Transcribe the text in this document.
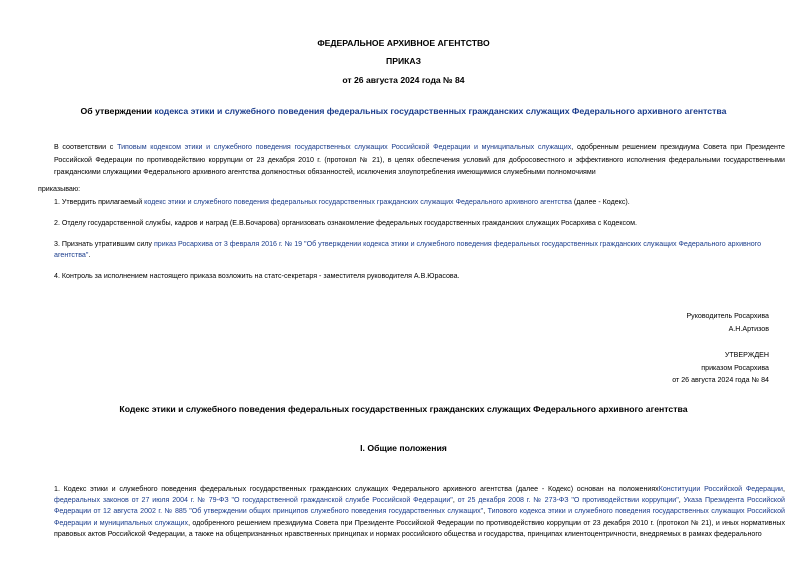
ФЕДЕРАЛЬНОЕ АРХИВНОЕ АГЕНТСТВО
ПРИКАЗ
от 26 августа 2024 года № 84
Об утверждении кодекса этики и служебного поведения федеральных государственных гражданских служащих Федерального архивного агентства
В соответствии с Типовым кодексом этики и служебного поведения государственных служащих Российской Федерации и муниципальных служащих, одобренным решением президиума Совета при Президенте Российской Федерации по противодействию коррупции от 23 декабря 2010 г. (протокол № 21), в целях обеспечения условий для добросовестного и эффективного исполнения федеральными государственными гражданскими служащими Федерального архивного агентства должностных обязанностей, исключения злоупотребления имеющимися служебными полномочиями
приказываю:
1. Утвердить прилагаемый кодекс этики и служебного поведения федеральных государственных гражданских служащих Федерального архивного агентства (далее - Кодекс).
2. Отделу государственной службы, кадров и наград (Е.В.Бочарова) организовать ознакомление федеральных государственных гражданских служащих Росархива с Кодексом.
3. Признать утратившим силу приказ Росархива от 3 февраля 2016 г. № 19 "Об утверждении кодекса этики и служебного поведения федеральных государственных гражданских служащих Федерального архивного агентства".
4. Контроль за исполнением настоящего приказа возложить на статс-секретаря - заместителя руководителя А.В.Юрасова.
Руководитель Росархива
А.Н.Артизов
УТВЕРЖДЕН
приказом Росархива
от 26 августа 2024 года № 84
Кодекс этики и служебного поведения федеральных государственных гражданских служащих Федерального архивного агентства
I. Общие положения
1. Кодекс этики и служебного поведения федеральных государственных гражданских служащих Федерального архивного агентства (далее - Кодекс) основан на положенияхКонституции Российской Федерации, федеральных законов от 27 июля 2004 г. № 79-ФЗ "О государственной гражданской службе Российской Федерации", от 25 декабря 2008 г. № 273-ФЗ "О противодействии коррупции", Указа Президента Российской Федерации от 12 августа 2002 г. № 885 "Об утверждении общих принципов служебного поведения государственных служащих", Типового кодекса этики и служебного поведения государственных служащих Российской Федерации и муниципальных служащих, одобренного решением президиума Совета при Президенте Российской Федерации по противодействию коррупции от 23 декабря 2010 г. (протокол № 21), и иных нормативных правовых актов Российской Федерации, а также на общепризнанных нравственных принципах и нормах российского общества и государства, принципах клиентоцентричности, внедряемых в рамках федерального
